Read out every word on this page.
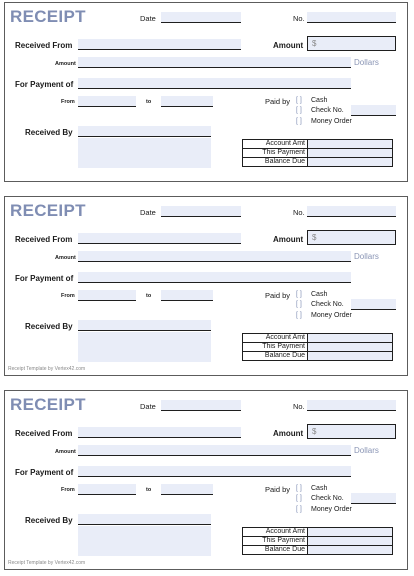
RECEIPT	Date	No.
Received From	Amount $
Amount	Dollars
For Payment of
From	to	Paid by [ ] Cash
[ ] Check No.
[ ] Money Order
Received By
Account Amt	
This Payment	
Balance Due	
RECEIPT	Date	No.
Received From	Amount $
Amount	Dollars
For Payment of
From	to	Paid by [ ] Cash
[ ] Check No.
[ ] Money Order
Received By
Account Amt	
This Payment	
Balance Due	
Receipt Template by Vertex42.com
RECEIPT	Date	No.
Received From	Amount $
Amount	Dollars
For Payment of
From	to	Paid by [ ] Cash
[ ] Check No.
[ ] Money Order
Received By
Account Amt	
This Payment	
Balance Due	
Receipt Template by Vertex42.com
